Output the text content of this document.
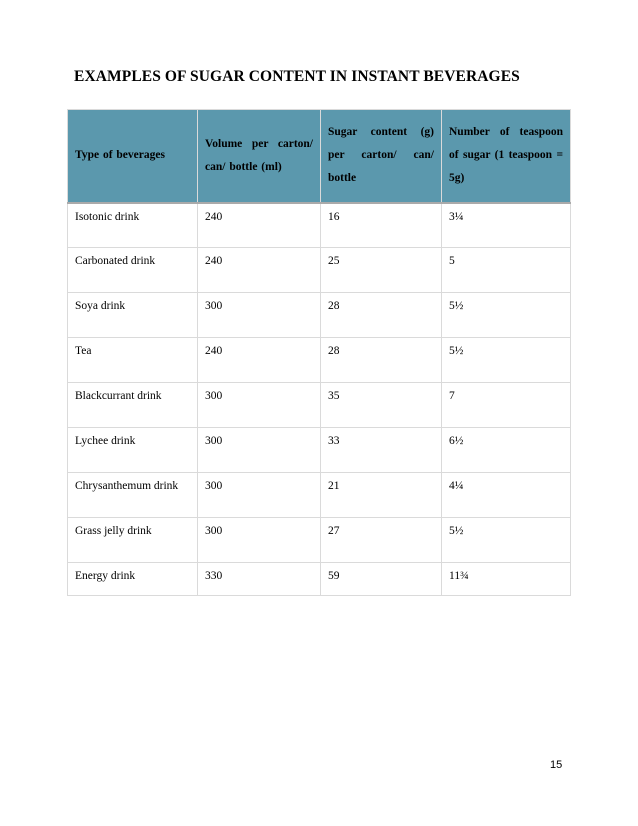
EXAMPLES OF SUGAR CONTENT IN INSTANT BEVERAGES
Type of beverages	Volume per carton/ can/ bottle (ml)	Sugar content (g) per carton/ can/ bottle	Number of teaspoon of sugar (1 teaspoon = 5g)
Isotonic drink	240	16	3¼
Carbonated drink	240	25	5
Soya drink	300	28	5½
Tea	240	28	5½
Blackcurrant drink	300	35	7
Lychee drink	300	33	6½
Chrysanthemum drink	300	21	4¼
Grass jelly drink	300	27	5½
Energy drink	330	59	11¾
15
